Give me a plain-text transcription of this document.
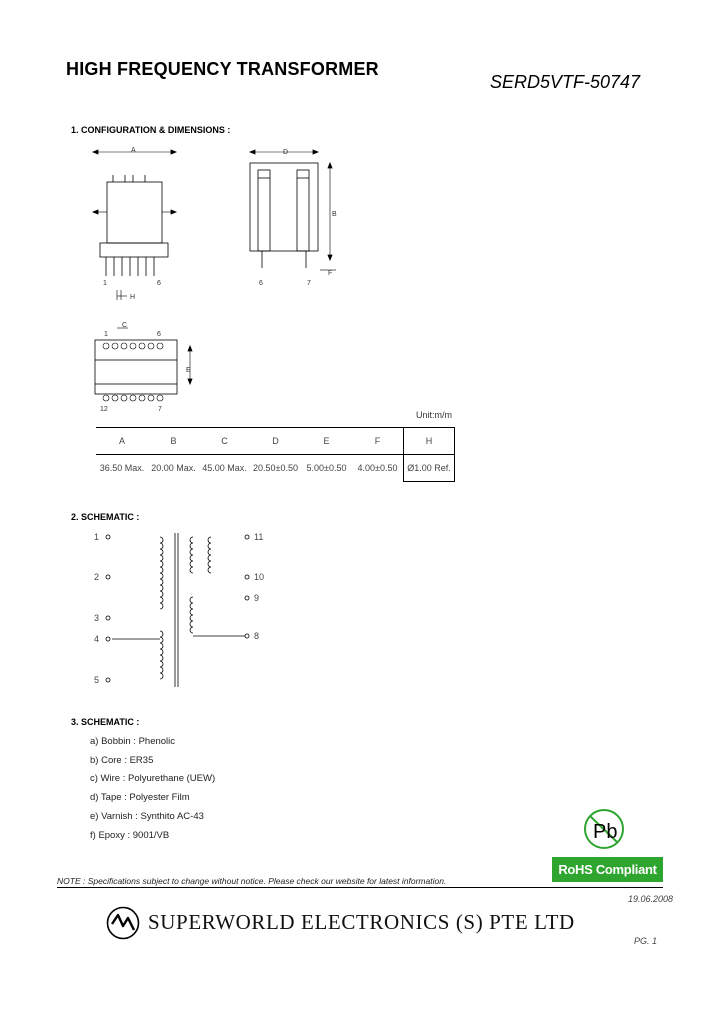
HIGH FREQUENCY TRANSFORMER
SERD5VTF-50747
1. CONFIGURATION & DIMENSIONS :
A	D
B
H
C
E
F
1	6	6	7
1	6
12	7
Unit:m/m
A	B	C	D	E	F	H
36.50 Max.	20.00 Max.	45.00 Max.	20.50±0.50	5.00±0.50	4.00±0.50	Ø1.00 Ref.
2. SCHEMATIC :
1
2
3
4
5
11
10
9
8
3. SCHEMATIC :
a) Bobbin : Phenolic
b) Core : ER35
c) Wire : Polyurethane (UEW)
d) Tape : Polyester Film
e) Varnish : Synthito AC-43
f) Epoxy : 9001/VB	Pb
RoHS Compliant
NOTE : Specifications subject to change without notice. Please check our website for latest information.
19.06.2008
SUPERWORLD ELECTRONICS (S) PTE LTD
PG. 1
